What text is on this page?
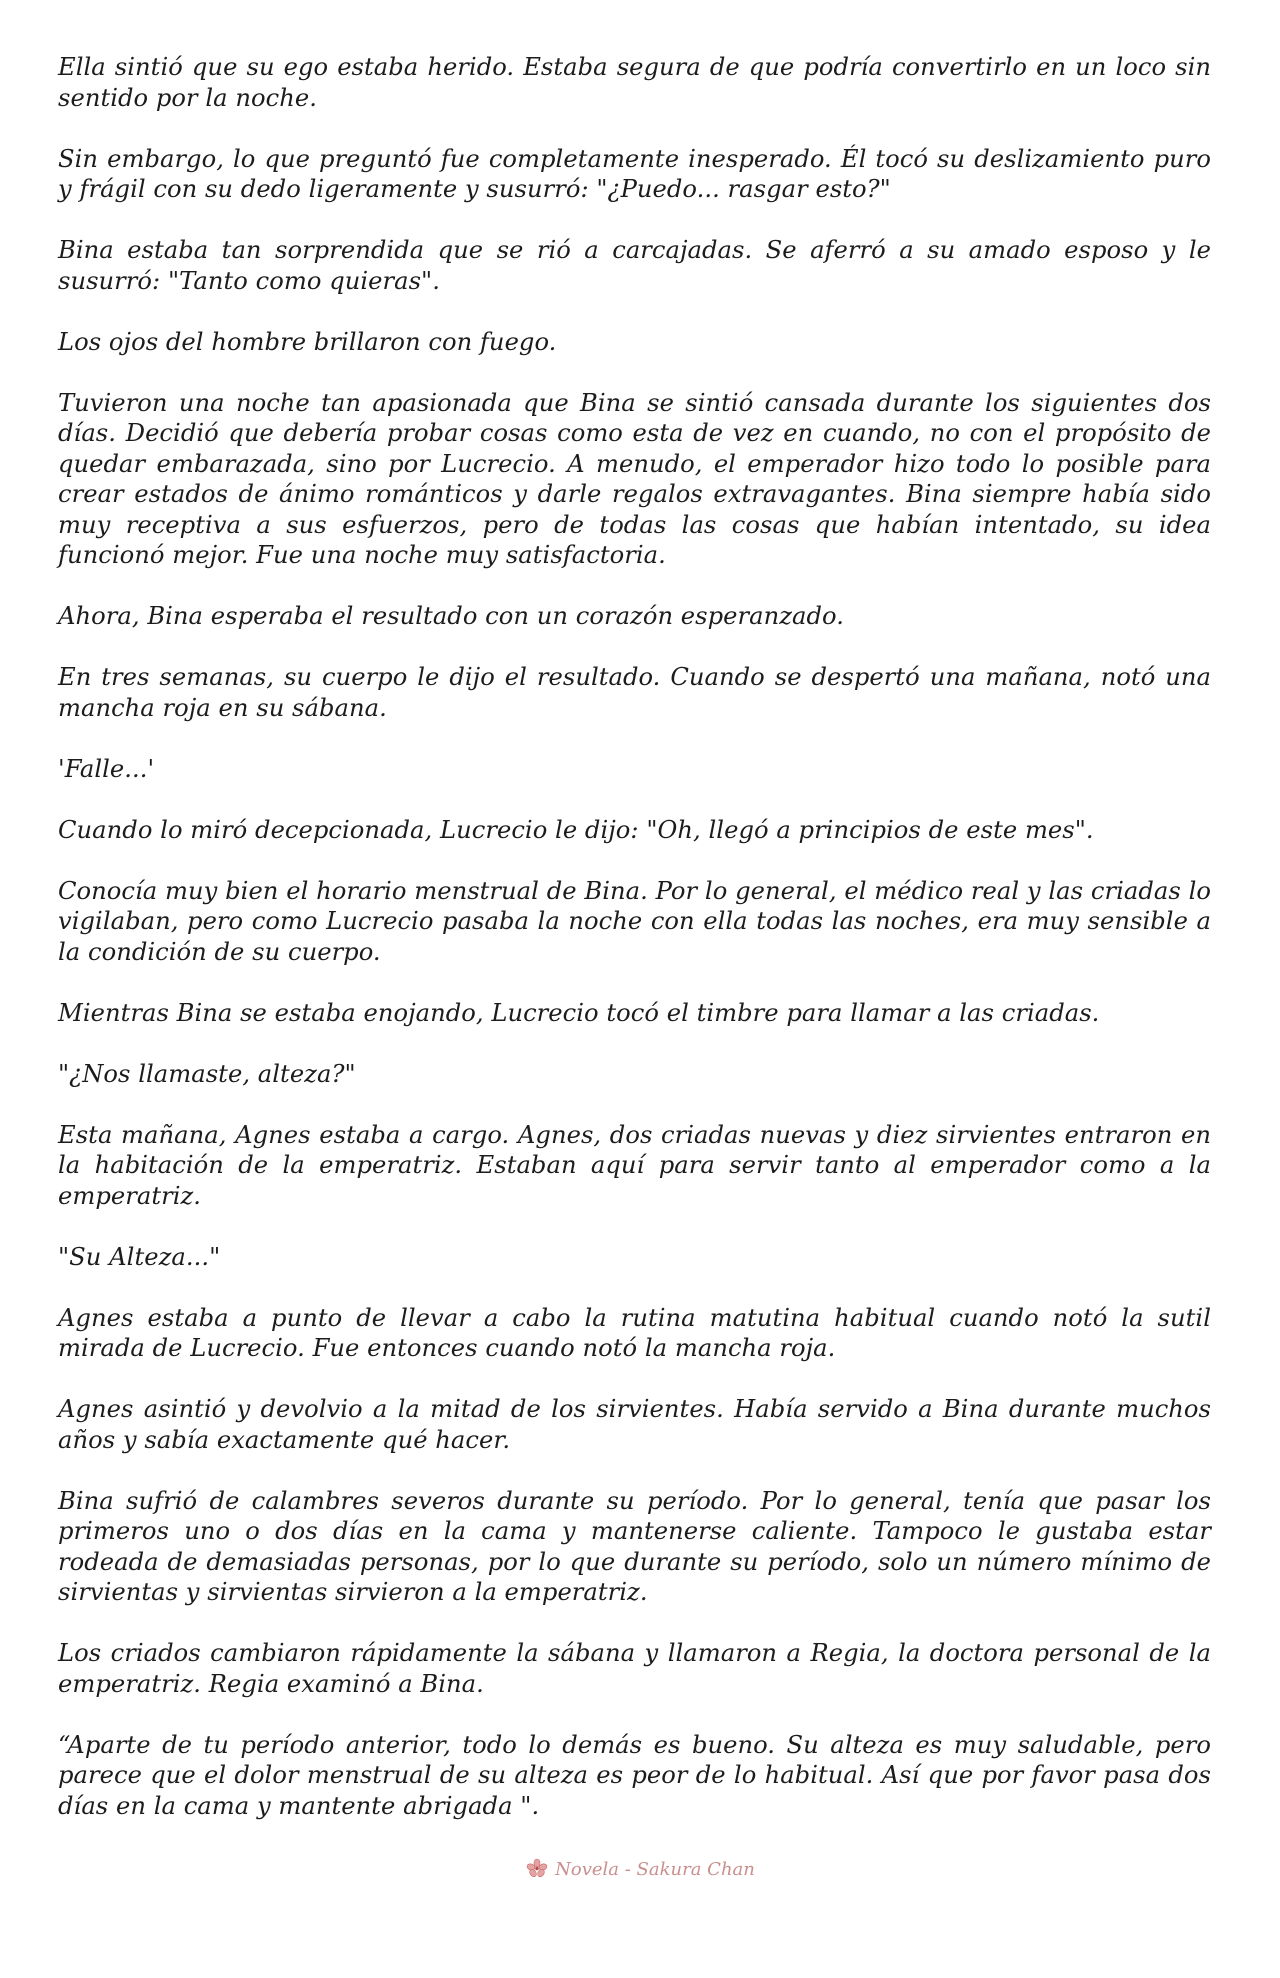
Ella sintió que su ego estaba herido. Estaba segura de que podría convertirlo en un loco sin sentido por la noche.

Sin embargo, lo que preguntó fue completamente inesperado. Él tocó su deslizamiento puro y frágil con su dedo ligeramente y susurró: "¿Puedo... rasgar esto?"

Bina estaba tan sorprendida que se rió a carcajadas. Se aferró a su amado esposo y le susurró: "Tanto como quieras".

Los ojos del hombre brillaron con fuego.

Tuvieron una noche tan apasionada que Bina se sintió cansada durante los siguientes dos días. Decidió que debería probar cosas como esta de vez en cuando, no con el propósito de quedar embarazada, sino por Lucrecio. A menudo, el emperador hizo todo lo posible para crear estados de ánimo románticos y darle regalos extravagantes. Bina siempre había sido muy receptiva a sus esfuerzos, pero de todas las cosas que habían intentado, su idea funcionó mejor. Fue una noche muy satisfactoria.

Ahora, Bina esperaba el resultado con un corazón esperanzado.

En tres semanas, su cuerpo le dijo el resultado. Cuando se despertó una mañana, notó una mancha roja en su sábana.

'Falle...'

Cuando lo miró decepcionada, Lucrecio le dijo: "Oh, llegó a principios de este mes".

Conocía muy bien el horario menstrual de Bina. Por lo general, el médico real y las criadas lo vigilaban, pero como Lucrecio pasaba la noche con ella todas las noches, era muy sensible a la condición de su cuerpo.

Mientras Bina se estaba enojando, Lucrecio tocó el timbre para llamar a las criadas.

"¿Nos llamaste, alteza?"

Esta mañana, Agnes estaba a cargo. Agnes, dos criadas nuevas y diez sirvientes entraron en la habitación de la emperatriz. Estaban aquí para servir tanto al emperador como a la emperatriz.

"Su Alteza..."

Agnes estaba a punto de llevar a cabo la rutina matutina habitual cuando notó la sutil mirada de Lucrecio. Fue entonces cuando notó la mancha roja.

Agnes asintió y devolvio a la mitad de los sirvientes. Había servido a Bina durante muchos años y sabía exactamente qué hacer.

Bina sufrió de calambres severos durante su período. Por lo general, tenía que pasar los primeros uno o dos días en la cama y mantenerse caliente. Tampoco le gustaba estar rodeada de demasiadas personas, por lo que durante su período, solo un número mínimo de sirvientas y sirvientas sirvieron a la emperatriz.

Los criados cambiaron rápidamente la sábana y llamaron a Regia, la doctora personal de la emperatriz. Regia examinó a Bina.

“Aparte de tu período anterior, todo lo demás es bueno. Su alteza es muy saludable, pero parece que el dolor menstrual de su alteza es peor de lo habitual. Así que por favor pasa dos días en la cama y mantente abrigada ".

Novela - Sakura Chan
